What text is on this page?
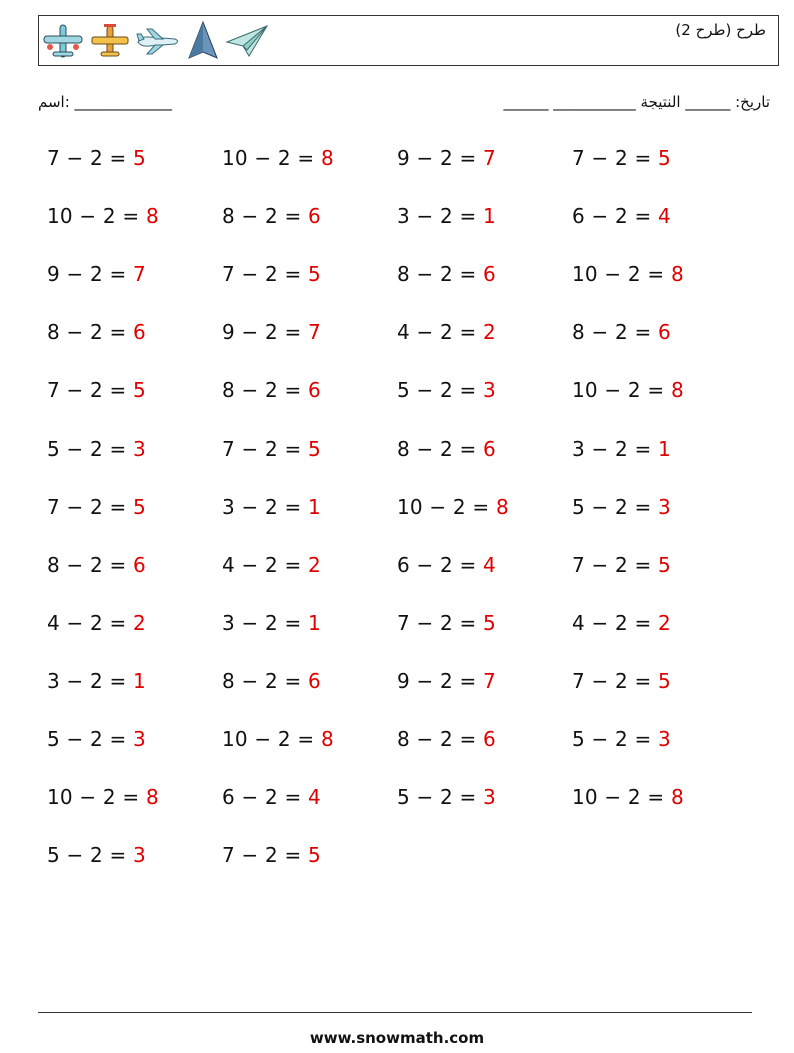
طرح (طرح 2)
اسم: _____________	تاريخ: ______ النتيجة ___________ ______
7 − 2 = 5	10 − 2 = 8	9 − 2 = 7	7 − 2 = 5
10 − 2 = 8	8 − 2 = 6	3 − 2 = 1	6 − 2 = 4
9 − 2 = 7	7 − 2 = 5	8 − 2 = 6	10 − 2 = 8
8 − 2 = 6	9 − 2 = 7	4 − 2 = 2	8 − 2 = 6
7 − 2 = 5	8 − 2 = 6	5 − 2 = 3	10 − 2 = 8
5 − 2 = 3	7 − 2 = 5	8 − 2 = 6	3 − 2 = 1
7 − 2 = 5	3 − 2 = 1	10 − 2 = 8	5 − 2 = 3
8 − 2 = 6	4 − 2 = 2	6 − 2 = 4	7 − 2 = 5
4 − 2 = 2	3 − 2 = 1	7 − 2 = 5	4 − 2 = 2
3 − 2 = 1	8 − 2 = 6	9 − 2 = 7	7 − 2 = 5
5 − 2 = 3	10 − 2 = 8	8 − 2 = 6	5 − 2 = 3
10 − 2 = 8	6 − 2 = 4	5 − 2 = 3	10 − 2 = 8
5 − 2 = 3	7 − 2 = 5
www.snowmath.com
